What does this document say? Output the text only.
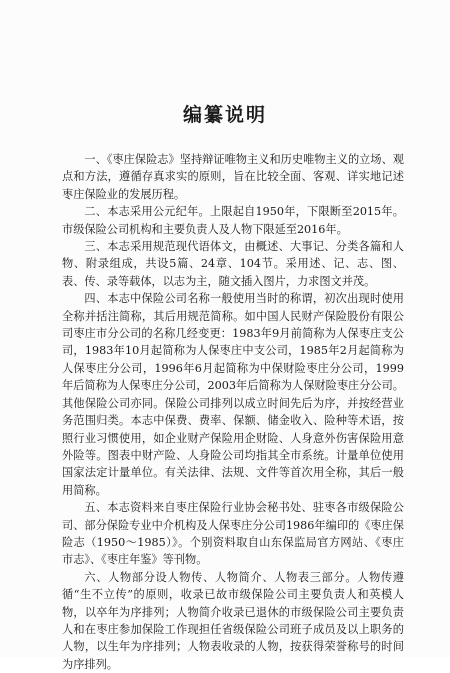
编纂说明

一、《枣庄保险志》坚持辩证唯物主义和历史唯物主义的立场、观点和方法，遵循存真求实的原则，旨在比较全面、客观、详实地记述枣庄保险业的发展历程。

二、本志采用公元纪年。上限起自1950年，下限断至2015年。市级保险公司机构和主要负责人及人物下限延至2016年。

三、本志采用规范现代语体文，由概述、大事记、分类各篇和人物、附录组成，共设5篇、24章、104节。采用述、记、志、图、表、传、录等载体，以志为主，随文插入图片，力求图文并茂。

四、本志中保险公司名称一般使用当时的称谓，初次出现时使用全称并括注简称，其后用规范简称。如中国人民财产保险股份有限公司枣庄市分公司的名称几经变更：1983年9月前简称为人保枣庄支公司，1983年10月起简称为人保枣庄中支公司，1985年2月起简称为人保枣庄分公司，1996年6月起简称为中保财险枣庄分公司，1999年后简称为人保枣庄分公司，2003年后简称为人保财险枣庄分公司。其他保险公司亦同。保险公司排列以成立时间先后为序，并按经营业务范围归类。本志中保费、费率、保额、储金收入、险种等术语，按照行业习惯使用，如企业财产保险用企财险、人身意外伤害保险用意外险等。图表中财产险、人身险公司均指其全市系统。计量单位使用国家法定计量单位。有关法律、法规、文件等首次用全称，其后一般用简称。

五、本志资料来自枣庄保险行业协会秘书处、驻枣各市级保险公司、部分保险专业中介机构及人保枣庄分公司1986年编印的《枣庄保险志（1950～1985）》。个别资料取自山东保监局官方网站、《枣庄市志》、《枣庄年鉴》等刊物。

六、人物部分设人物传、人物简介、人物表三部分。人物传遵循“生不立传”的原则，收录已故市级保险公司主要负责人和英模人物，以卒年为序排列；人物简介收录已退休的市级保险公司主要负责人和在枣庄参加保险工作现担任省级保险公司班子成员及以上职务的人物，以生年为序排列；人物表收录的人物，按获得荣誉称号的时间为序排列。
